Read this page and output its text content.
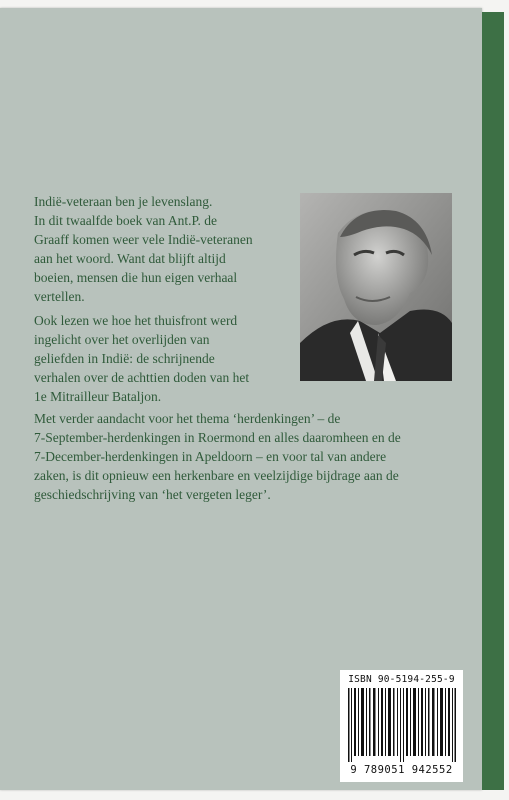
Indië-veteraan ben je levenslang.

In dit twaalfde boek van Ant.P. de

Graaff komen weer vele Indië-veteranen

aan het woord. Want dat blijft altijd

boeien, mensen die hun eigen verhaal

vertellen.

Ook lezen we hoe het thuisfront werd

ingelicht over het overlijden van

geliefden in Indië: de schrijnende

verhalen over de achttien doden van het

1e Mitrailleur Bataljon.

Met verder aandacht voor het thema ‘herdenkingen’ – de

7-September-herdenkingen in Roermond en alles daaromheen en de

7-December-herdenkingen in Apeldoorn – en voor tal van andere

zaken, is dit opnieuw een herkenbare en veelzijdige bijdrage aan de

geschiedschrijving van ‘het vergeten leger’.

ISBN 90-5194-255-9
9 789051 942552
